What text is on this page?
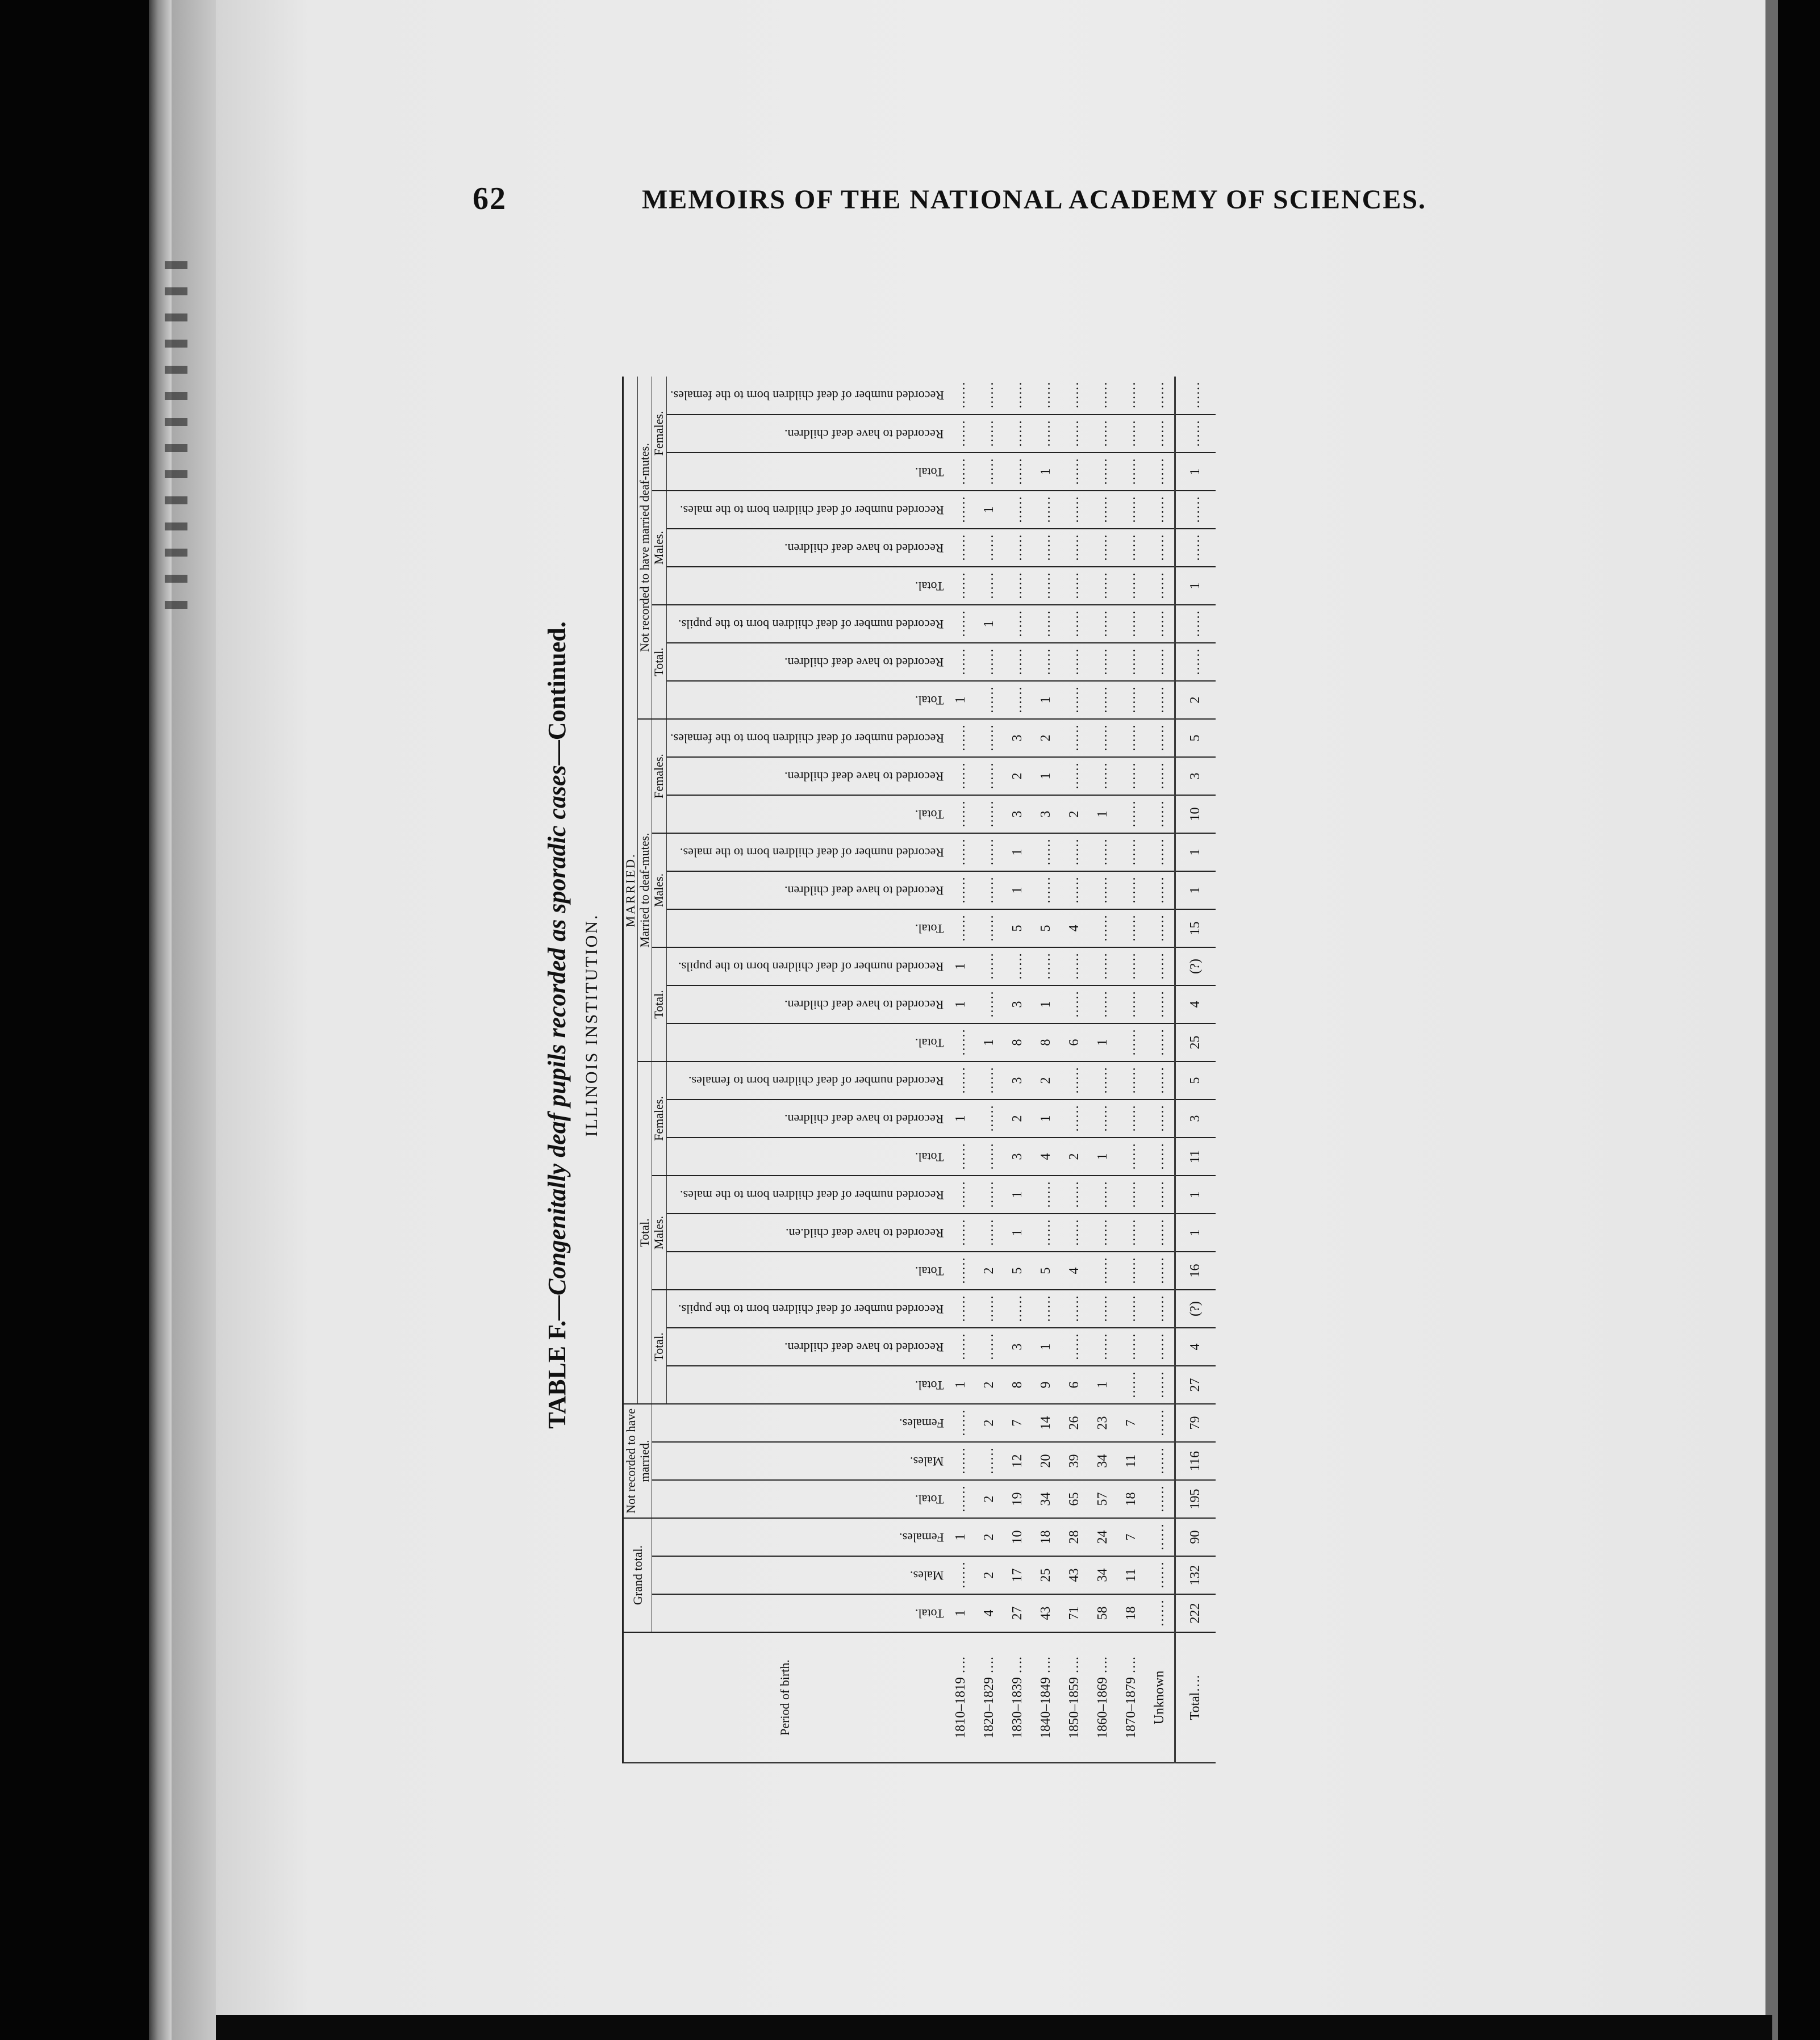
62	MEMOIRS OF THE NATIONAL ACADEMY OF SCIENCES.
TABLE F.—Congenitally deaf pupils recorded as sporadic cases—Continued.
ILLINOIS INSTITUTION.
Period of birth.	Grand total.			Not recorded to have married.			MARRIED.																										
							Total.									Married to deaf-mutes.									Not recorded to have married deaf-mutes.								
	Total.	Males.	Females.	Total.	Males.	Females.	Total.			Males.			Females.			Total.			Males.			Females.			Total.			Males.			Females.		
							Total.	Recorded to have deaf children.	Recorded number of deaf children born to the pupils.	Total.	Recorded to have deaf child.en.	Recorded number of deaf children born to the males.	Total.	Recorded to have deaf children.	Recorded number of deaf children born to females.	Total.	Recorded to have deaf children.	Recorded number of deaf children born to the pupils.	Total.	Recorded to have deaf children.	Recorded number of deaf children born to the males.	Total.	Recorded to have deaf children.	Recorded number of deaf children born to the females.	Total.	Recorded to have deaf children.	Recorded number of deaf children born to the pupils.	Total.	Recorded to have deaf children.	Recorded number of deaf children born to the males.	Total.	Recorded to have deaf children.	Recorded number of deaf children born to the females.
1810–1819 ….	1	……	1	……	……	……	1	……	……	……	……	……	……	1	……	……	1	1	……	……	……	……	……	……	1	……	……	……	……	……	……	……	……
1820–1829 ….	4	2	2	2	……	2	2	……	……	2	……	……	……	……	……	1	……	……	……	……	……	……	……	……	……	……	1	……	……	1	……	……	……
1830–1839 ….	27	17	10	19	12	7	8	3	……	5	1	1	3	2	3	8	3	……	5	1	1	3	2	3	……	……	……	……	……	……	……	……	……
1840–1849 ….	43	25	18	34	20	14	9	1	……	5	……	……	4	1	2	8	1	……	5	……	……	3	1	2	1	……	……	……	……	……	1	……	……
1850–1859 ….	71	43	28	65	39	26	6	……	……	4	……	……	2	……	……	6	……	……	4	……	……	2	……	……	……	……	……	……	……	……	……	……	……
1860–1869 ….	58	34	24	57	34	23	1	……	……	……	……	……	1	……	……	1	……	……	……	……	……	1	……	……	……	……	……	……	……	……	……	……	……
1870–1879 ….	18	11	7	18	11	7	……	……	……	……	……	……	……	……	……	……	……	……	……	……	……	……	……	……	……	……	……	……	……	……	……	……	……
Unknown	……	……	……	……	……	……	……	……	……	……	……	……	……	……	……	……	……	……	……	……	……	……	……	……	……	……	……	……	……	……	……	……	……
Total….	222	132	90	195	116	79	27	4	(?)	16	1	1	11	3	5	25	4	(?)	15	1	1	10	3	5	2	……	……	1	……	……	1	……	……
